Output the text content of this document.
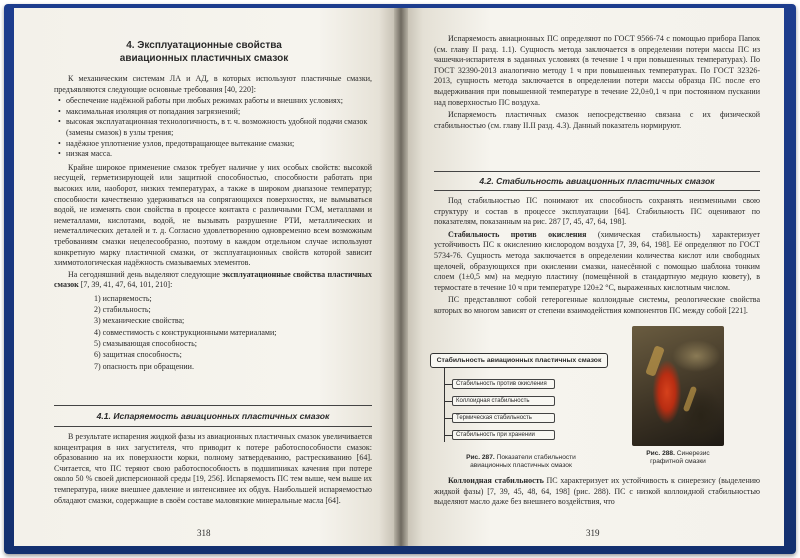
4. Эксплуатационные свойства
авиационных пластичных смазок

К механическим системам ЛА и АД, в которых используют пластичные смазки, предъявляются следующие основные требования [40, 220]:

• обеспечение надёжной работы при любых режимах работы и внешних условиях;
• максимальная изоляция от попадания загрязнений;
• высокая эксплуатационная технологичность, в т. ч. возможность удобной подачи смазок (замены смазок) в узлы трения;
• надёжное уплотнение узлов, предотвращающее вытекание смазки;
• низкая масса.

Крайне широкое применение смазок требует наличие у них особых свойств: высокой несущей, герметизирующей или защитной способностью, способности работать при высоких или, наоборот, низких температурах, а также в широком диапазоне температур; способности качественно удерживаться на сопрягающихся поверхностях, не вымываться водой, не изменять свои свойства в процессе контакта с различными ГСМ, металлами и неметаллами, кислотами, водой, не вызывать разрушение РТИ, металлических и неметаллических деталей и т. д. Согласно удовлетворению одновременно всем возможным требованиям смазки нецелесообразно, поэтому в каждом отдельном случае используют конкретную марку пластичной смазки, от эксплуатационных свойств которой зависит химмотологическая надёжность смазываемых элементов.

На сегодняшний день выделяют следующие эксплуатационные свойства пластичных смазок [7, 39, 41, 47, 64, 101, 210]:

1) испаряемость;
2) стабильность;
3) механические свойства;
4) совместимость с конструкционными материалами;
5) смазывающая способность;
6) защитная способность;
7) опасность при обращении.
4.1. Испаряемость авиационных пластичных смазок

В результате испарения жидкой фазы из авиационных пластичных смазок увеличивается концентрация в них загустителя, что приводит к потере работоспособности смазок: образованию на их поверхности корки, полному затвердеванию, растрескиванию [64]. Считается, что ПС теряют свою работоспособность в подшипниках качения при потере около 50 % своей дисперсионной среды [19, 256]. Испаряемость ПС тем выше, чем выше их температура, ниже внешнее давление и интенсивнее их обдув. Наибольшей испаряемостью обладают смазки, содержащие в своём составе маловязкие минеральные масла [64].

318

Испаряемость авиационных ПС определяют по ГОСТ 9566-74 с помощью прибора Папок (см. главу II разд. 1.1). Сущность метода заключается в определении потери массы ПС из чашечки-испарителя в заданных условиях (в течение 1 ч при повышенных температурах). По ГОСТ 32390-2013 аналогично методу 1 ч при повышенных температурах. По ГОСТ 32326-2013, сущность метода заключается в определении потери массы образца ПС после его выдерживания при повышенной температуре в течение 22,0±0,1 ч при постоянном пускании над поверхностью ПС воздуха.

Испаряемость пластичных смазок непосредственно связана с их физической стабильностью (см. главу II.II разд. 4.3). Данный показатель нормируют.

4.2. Стабильность авиационных пластичных смазок

Под стабильностью ПС понимают их способность сохранять неизменными свою структуру и состав в процессе эксплуатации [64]. Стабильность ПС оценивают по показателям, показанным на рис. 287 [7, 45, 47, 64, 198].

Стабильность против окисления (химическая стабильность) характеризует устойчивость ПС к окислению кислородом воздуха [7, 39, 64, 198]. Её определяют по ГОСТ 5734-76. Сущность метода заключается в определении количества кислот или свободных щелочей, образующихся при окислении смазки, нанесённой с помощью шаблона тонким слоем (1±0,5 мм) на медную пластину (помещённой в стандартную медную кювету), в термостате в течение 10 ч при температуре 120±2 °С, выраженных кислотным числом.

ПС представляют собой гетерогенные коллоидные системы, реологические свойства которых во многом зависят от степени взаимодействия компонентов ПС между собой [221].

Стабильность авиационных пластичных смазок
Стабильность против окисления
Коллоидная стабильность
Термическая стабильность
Стабильность при хранении
Рис. 287. Показатели стабильности
авиационных пластичных смазок
Рис. 288. Синерезис
графитной смазки

Коллоидная стабильность ПС характеризует их устойчивость к синерезису (выделению жидкой фазы) [7, 39, 45, 48, 64, 198] (рис. 288). ПС с низкой коллоидной стабильностью выделяют масло даже без внешнего воздействия, что

319
